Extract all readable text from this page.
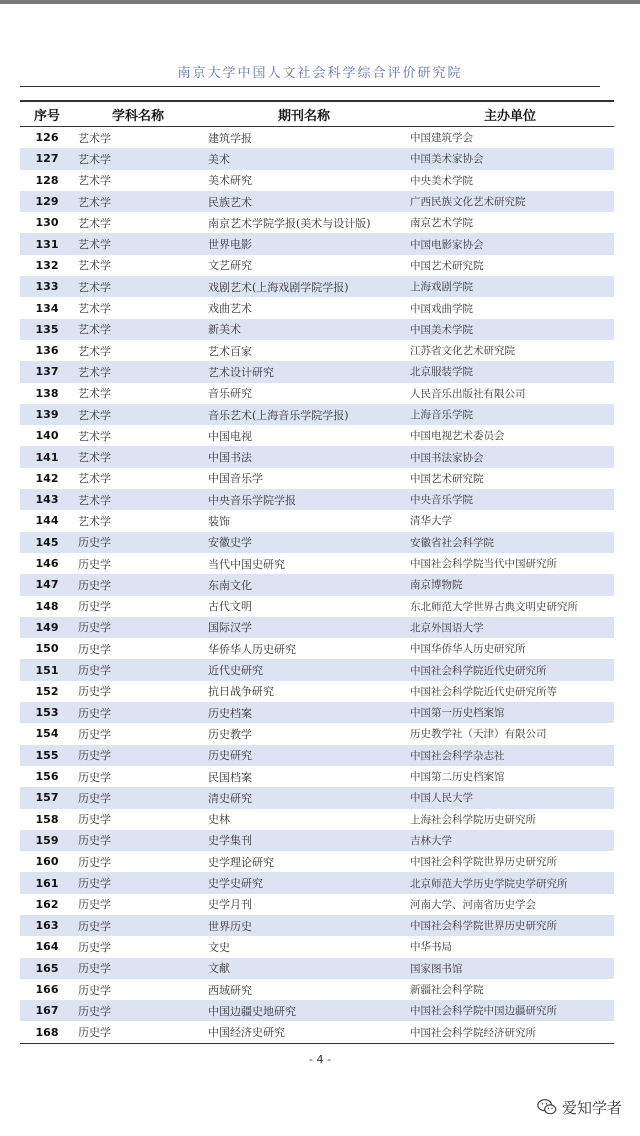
南京大学中国人文社会科学综合评价研究院
序号	学科名称	期刊名称	主办单位
126	艺术学	建筑学报	中国建筑学会
127	艺术学	美术	中国美术家协会
128	艺术学	美术研究	中央美术学院
129	艺术学	民族艺术	广西民族文化艺术研究院
130	艺术学	南京艺术学院学报(美术与设计版)	南京艺术学院
131	艺术学	世界电影	中国电影家协会
132	艺术学	文艺研究	中国艺术研究院
133	艺术学	戏剧艺术(上海戏剧学院学报)	上海戏剧学院
134	艺术学	戏曲艺术	中国戏曲学院
135	艺术学	新美术	中国美术学院
136	艺术学	艺术百家	江苏省文化艺术研究院
137	艺术学	艺术设计研究	北京服装学院
138	艺术学	音乐研究	人民音乐出版社有限公司
139	艺术学	音乐艺术(上海音乐学院学报)	上海音乐学院
140	艺术学	中国电视	中国电视艺术委员会
141	艺术学	中国书法	中国书法家协会
142	艺术学	中国音乐学	中国艺术研究院
143	艺术学	中央音乐学院学报	中央音乐学院
144	艺术学	装饰	清华大学
145	历史学	安徽史学	安徽省社会科学院
146	历史学	当代中国史研究	中国社会科学院当代中国研究所
147	历史学	东南文化	南京博物院
148	历史学	古代文明	东北师范大学世界古典文明史研究所
149	历史学	国际汉学	北京外国语大学
150	历史学	华侨华人历史研究	中国华侨华人历史研究所
151	历史学	近代史研究	中国社会科学院近代史研究所
152	历史学	抗日战争研究	中国社会科学院近代史研究所等
153	历史学	历史档案	中国第一历史档案馆
154	历史学	历史教学	历史教学社（天津）有限公司
155	历史学	历史研究	中国社会科学杂志社
156	历史学	民国档案	中国第二历史档案馆
157	历史学	清史研究	中国人民大学
158	历史学	史林	上海社会科学院历史研究所
159	历史学	史学集刊	吉林大学
160	历史学	史学理论研究	中国社会科学院世界历史研究所
161	历史学	史学史研究	北京师范大学历史学院史学研究所
162	历史学	史学月刊	河南大学、河南省历史学会
163	历史学	世界历史	中国社会科学院世界历史研究所
164	历史学	文史	中华书局
165	历史学	文献	国家图书馆
166	历史学	西域研究	新疆社会科学院
167	历史学	中国边疆史地研究	中国社会科学院中国边疆研究所
168	历史学	中国经济史研究	中国社会科学院经济研究所
- 4 -
爱知学者
